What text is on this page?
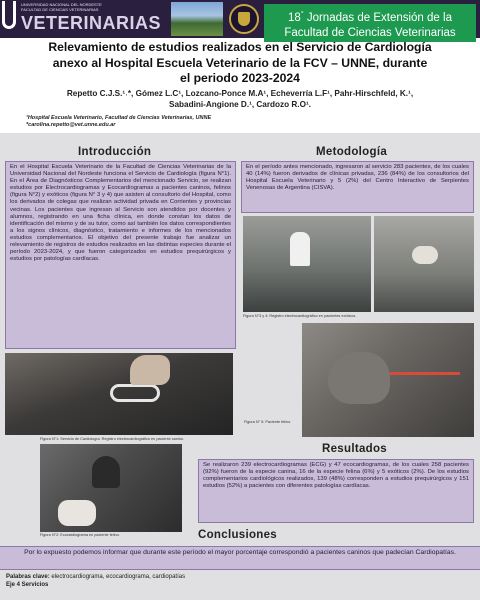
UNIVERSIDAD NACIONAL DEL NORDESTE
FACULTAD DE CIENCIAS VETERINARIAS
VETERINARIAS	18° Jornadas de Extensión de la
Facultad de Ciencias Veterinarias
Relevamiento de estudios realizados en el Servicio de Cardiología
anexo al Hospital Escuela Veterinario de la FCV – UNNE, durante
el periodo 2023-2024
Repetto C.J.S.¹˒*, Gómez L.C¹, Lozcano-Ponce M.A¹, Echeverría L.F¹, Pahr-Hirschfeld, K.¹,
Sabadini-Angione D.¹, Cardozo R.O¹.
¹Hospital Escuela Veterinario, Facultad de Ciencias Veterinarias, UNNE
*carolina.repetto@vet.unne.edu.ar
Introducción
En el Hospital Escuela Veterinario de la Facultad de Ciencias Veterinarias de la Universidad Nacional del Nordeste funciona el Servicio de Cardiología (figura N°1). En el Área de Diagnósticos Complementarios del mencionado Servicio, se realizan estudios por Electrocardiogramas y Ecocardiogramas a pacientes caninos, felinos (figura N°2) y exóticos (figura N° 3 y 4) que asisten al consultorio del Hospital, como los derivados de colegas que realizan actividad privada en Corrientes y provincias vecinas. Los pacientes que ingresan al Servicio son atendidos por docentes y alumnos, registrando en una ficha clínica, en donde constan los datos de identificación del mismo y de su tutor, como así también los datos correspondientes a los signos clínicos, diagnóstico, tratamiento e informes de los mencionados estudios complementarios. El objetivo del presente trabajo fue analizar un relevamiento de registros de estudios realizados en las distintas especies durante el período 2023-2024, y que fueron categorizados en estudios prequirúrgicos y estudios por patologías cardíacas.
Figura N°1: Servicio de Cardiología. Registro electrocardiográfico en paciente canino.
Figura N°2: Ecocardiograma en paciente felino.
Metodología
En el período antes mencionado, ingresaron al servicio 283 pacientes, de los cuales 40 (14%) fueron derivados de clínicas privadas, 236 (84%) de los consultorios del Hospital Escuela Veterinario y 5 (2%) del Centro Interactivo de Serpientes Venenosas de Argentina (CISVA).
Figura N°3 y 4: Registro electrocardiográfico en pacientes exóticos.
Figura N° 5: Paciente felino.
Resultados
Se realizaron 239 electrocardiogramas (ECG) y 47 ecocardiogramas, de los cuales 258 pacientes (92%) fueron de la especie canina, 16 de la especie felina (6%) y 5 exóticos (2%). De los estudios complementarios cardiológicos realizados, 139 (48%) corresponden a estudios prequirúrgicos y 151 estudios (52%) a pacientes con diferentes patologías cardíacas.
Conclusiones
Por lo expuesto podemos informar que durante este período el mayor porcentaje correspondió a pacientes caninos que padecían Cardiopatías.
Palabras clave: electrocardiograma, ecocardiograma, cardiopatías
Eje 4 Servicios
